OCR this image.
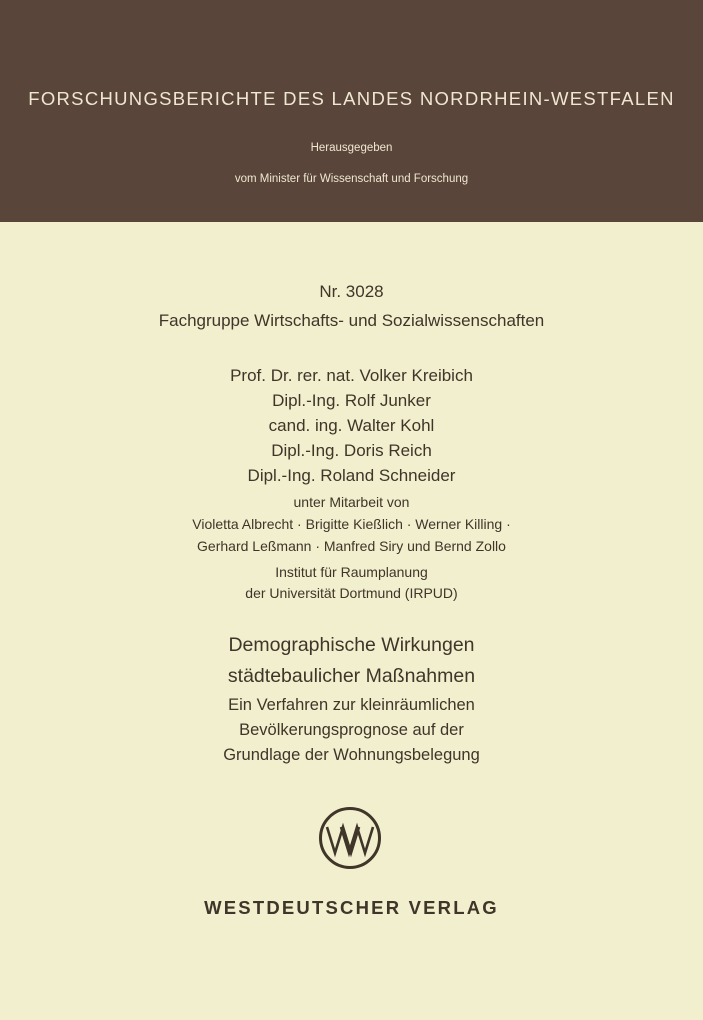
FORSCHUNGSBERICHTE DES LANDES NORDRHEIN-WESTFALEN
Herausgegeben
vom Minister für Wissenschaft und Forschung
Nr. 3028
Fachgruppe Wirtschafts- und Sozialwissenschaften
Prof. Dr. rer. nat. Volker Kreibich
Dipl.-Ing. Rolf Junker
cand. ing. Walter Kohl
Dipl.-Ing. Doris Reich
Dipl.-Ing. Roland Schneider
unter Mitarbeit von
Violetta Albrecht · Brigitte Kießlich · Werner Killing ·
Gerhard Leßmann · Manfred Siry und Bernd Zollo
Institut für Raumplanung
der Universität Dortmund (IRPUD)
Demographische Wirkungen
städtebaulicher Maßnahmen
Ein Verfahren zur kleinräumlichen
Bevölkerungsprognose auf der
Grundlage der Wohnungsbelegung
WESTDEUTSCHER VERLAG
